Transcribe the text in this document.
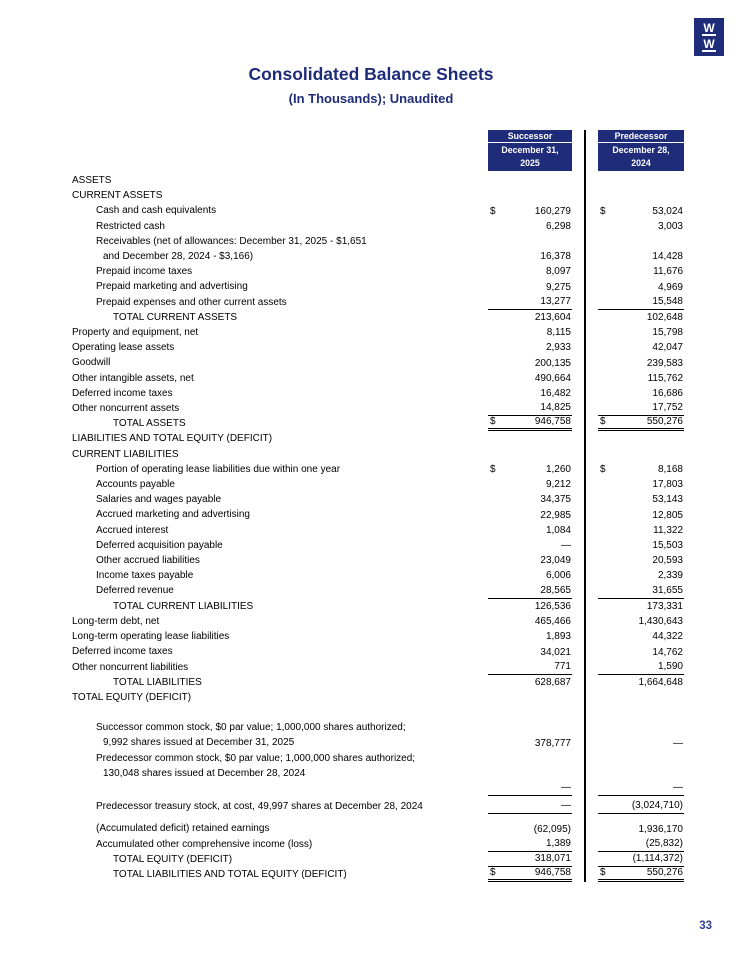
W
W
Consolidated Balance Sheets
(In Thousands); Unaudited
Successor
December 31,
2025
Predecessor
December 28,
2024
ASSETS
CURRENT ASSETS
Cash and cash equivalents	$	160,279	$	53,024
Restricted cash	6,298	3,003
Receivables (net of allowances: December 31, 2025 - $1,651
and December 28, 2024 - $3,166)	16,378	14,428
Prepaid income taxes	8,097	11,676
Prepaid marketing and advertising	9,275	4,969
Prepaid expenses and other current assets	13,277	15,548
TOTAL CURRENT ASSETS	213,604	102,648
Property and equipment, net	8,115	15,798
Operating lease assets	2,933	42,047
Goodwill	200,135	239,583
Other intangible assets, net	490,664	115,762
Deferred income taxes	16,482	16,686
Other noncurrent assets	14,825	17,752
TOTAL ASSETS	$	946,758	$	550,276
LIABILITIES AND TOTAL EQUITY (DEFICIT)
CURRENT LIABILITIES
Portion of operating lease liabilities due within one year	$	1,260	$	8,168
Accounts payable	9,212	17,803
Salaries and wages payable	34,375	53,143
Accrued marketing and advertising	22,985	12,805
Accrued interest	1,084	11,322
Deferred acquisition payable	—	15,503
Other accrued liabilities	23,049	20,593
Income taxes payable	6,006	2,339
Deferred revenue	28,565	31,655
TOTAL CURRENT LIABILITIES	126,536	173,331
Long-term debt, net	465,466	1,430,643
Long-term operating lease liabilities	1,893	44,322
Deferred income taxes	34,021	14,762
Other noncurrent liabilities	771	1,590
TOTAL LIABILITIES	628,687	1,664,648
TOTAL EQUITY (DEFICIT)
Successor common stock, $0 par value; 1,000,000 shares authorized;
9,992 shares issued at December 31, 2025	378,777	—
Predecessor common stock, $0 par value; 1,000,000 shares authorized;
130,048 shares issued at December 28, 2024
—	—
Predecessor treasury stock, at cost, 49,997 shares at December 28, 2024	—	(3,024,710)
(Accumulated deficit) retained earnings	(62,095)	1,936,170
Accumulated other comprehensive income (loss)	1,389	(25,832)
TOTAL EQUITY (DEFICIT)	318,071	(1,114,372)
TOTAL LIABILITIES AND TOTAL EQUITY (DEFICIT)	$	946,758	$	550,276
33
